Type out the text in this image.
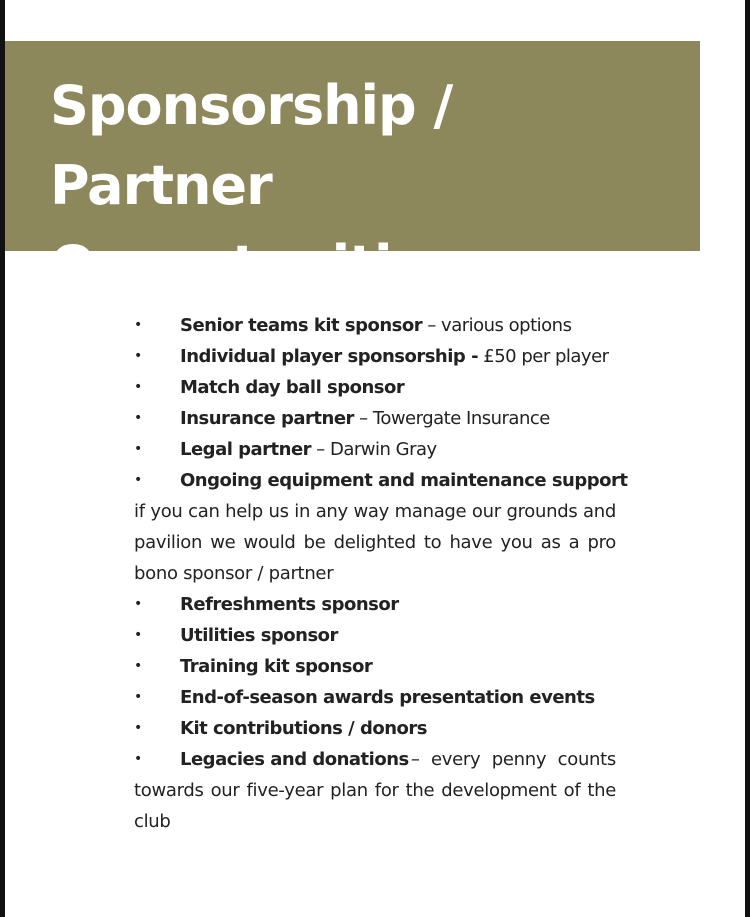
Sponsorship / Partner
Opportunities
• Senior teams kit sponsor – various options
• Individual player sponsorship - £50 per player
• Match day ball sponsor
• Insurance partner – Towergate Insurance
• Legal partner – Darwin Gray
• Ongoing equipment and maintenance support
if you can help us in any way manage our grounds and
pavilion we would be delighted to have you as a pro
bono sponsor / partner
• Refreshments sponsor
• Utilities sponsor
• Training kit sponsor
• End-of-season awards presentation events
• Kit contributions / donors
• Legacies and donations – every penny counts
towards our five-year plan for the development of the
club
